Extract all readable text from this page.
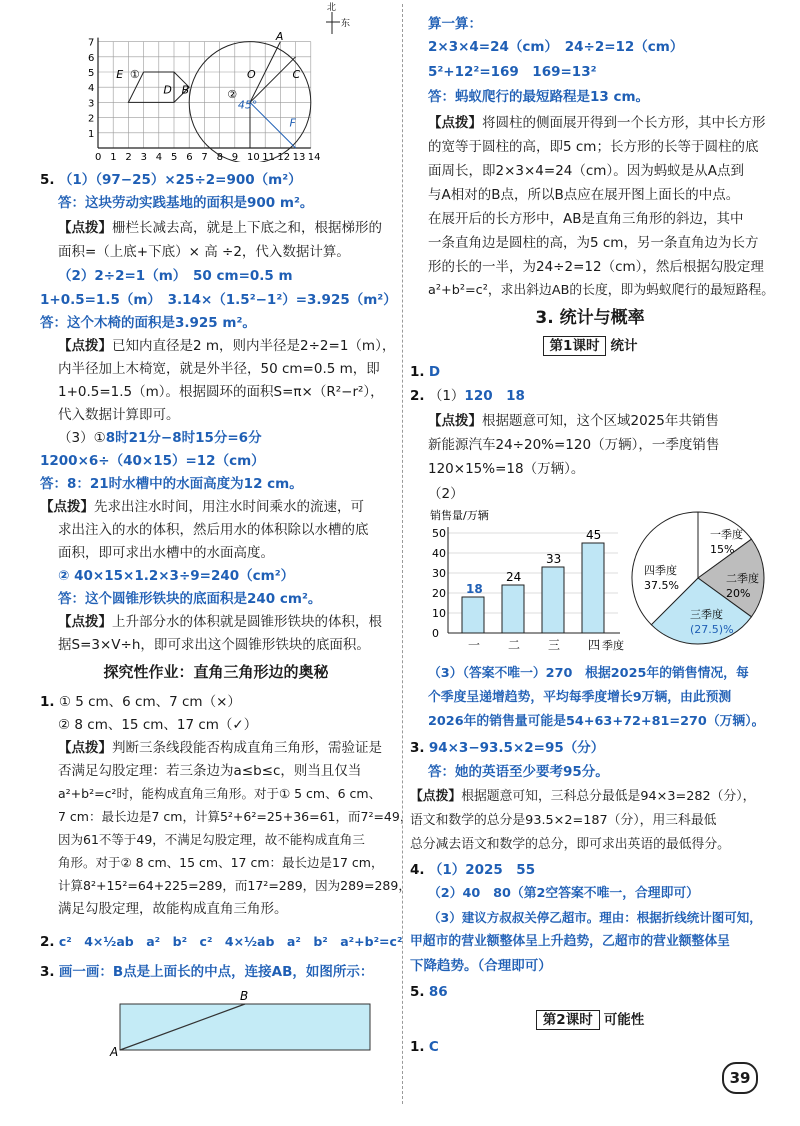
0 1 2 3 4 5 6 7 8 9 10 11 12 13 14
1
2
3
4
5
6
7
北
东
E ①
D B	②
O
A
C
45°
F
5. （1）（97−25）×25÷2=900（m²）
答：这块劳动实践基地的面积是900 m²。
【点拨】栅栏长减去高，就是上下底之和，根据梯形的
面积=（上底+下底）× 高 ÷2，代入数据计算。
（2）2÷2=1（m）　50 cm=0.5 m
1+0.5=1.5（m）　3.14×（1.5²−1²）=3.925（m²）
答：这个木椅的面积是3.925 m²。
【点拨】已知内直径是2 m，则内半径是2÷2=1（m），
内半径加上木椅宽，就是外半径，50 cm=0.5 m，即
1+0.5=1.5（m）。根据圆环的面积S=π×（R²−r²），
代入数据计算即可。
（3）①8时21分−8时15分=6分
1200×6÷（40×15）=12（cm）
答：8：21时水槽中的水面高度为12 cm。
【点拨】先求出注水时间，用注水时间乘水的流速，可
求出注入的水的体积，然后用水的体积除以水槽的底
面积，即可求出水槽中的水面高度。
② 40×15×1.2×3÷9=240（cm²）
答：这个圆锥形铁块的底面积是240 cm²。
【点拨】上升部分水的体积就是圆锥形铁块的体积，根
据S=3×V÷h，即可求出这个圆锥形铁块的底面积。
探究性作业：直角三角形边的奥秘
1. ① 5 cm、6 cm、7 cm（×）
② 8 cm、15 cm、17 cm（✓）
【点拨】判断三条线段能否构成直角三角形，需验证是
否满足勾股定理：若三条边为a≤b≤c，则当且仅当
a²+b²=c²时，能构成直角三角形。对于① 5 cm、6 cm、
7 cm：最长边是7 cm，计算5²+6²=25+36=61，而7²=49，
因为61不等于49，不满足勾股定理，故不能构成直角三
角形。对于② 8 cm、15 cm、17 cm：最长边是17 cm，
计算8²+15²=64+225=289，而17²=289，因为289=289，
满足勾股定理，故能构成直角三角形。
2. c²　4×½ab　a²　b²　c²　4×½ab　a²　b²　a²+b²=c²
3. 画一画：B点是上面长的中点，连接AB，如图所示：
A
B
算一算：
2×3×4=24（cm）　24÷2=12（cm）
5²+12²=169　169=13²
答：蚂蚁爬行的最短路程是13 cm。
【点拨】将圆柱的侧面展开得到一个长方形，其中长方形
的宽等于圆柱的高，即5 cm；长方形的长等于圆柱的底
面周长，即2×3×4=24（cm）。因为蚂蚁是从A点到
与A相对的B点，所以B点应在展开图上面长的中点。
在展开后的长方形中，AB是直角三角形的斜边，其中
一条直角边是圆柱的高，为5 cm，另一条直角边为长方
形的长的一半，为24÷2=12（cm），然后根据勾股定理
a²+b²=c²，求出斜边AB的长度，即为蚂蚁爬行的最短路程。
3. 统计与概率
第1课时 统计
1. D
2. （1）120　18
【点拨】根据题意可知，这个区域2025年共销售
新能源汽车24÷20%=120（万辆），一季度销售
120×15%=18（万辆）。
（2）
销售量/万辆
0
10
20
30
40
50
18
一
24
二
33
三
45
四 季度
一季度
15%
二季度
20%
三季度
(27.5)%
四季度
37.5%
（3）（答案不唯一）270　根据2025年的销售情况，每
个季度呈递增趋势，平均每季度增长9万辆，由此预测
2026年的销售量可能是54+63+72+81=270（万辆）。
3. 94×3−93.5×2=95（分）
答：她的英语至少要考95分。
【点拨】根据题意可知，三科总分最低是94×3=282（分），
语文和数学的总分是93.5×2=187（分），用三科最低
总分减去语文和数学的总分，即可求出英语的最低得分。
4. （1）2025　55
（2）40　80（第2空答案不唯一，合理即可）
（3）建议方叔叔关停乙超市。理由：根据折线统计图可知，
甲超市的营业额整体呈上升趋势，乙超市的营业额整体呈
下降趋势。（合理即可）
5. 86
第2课时 可能性
1. C
39
